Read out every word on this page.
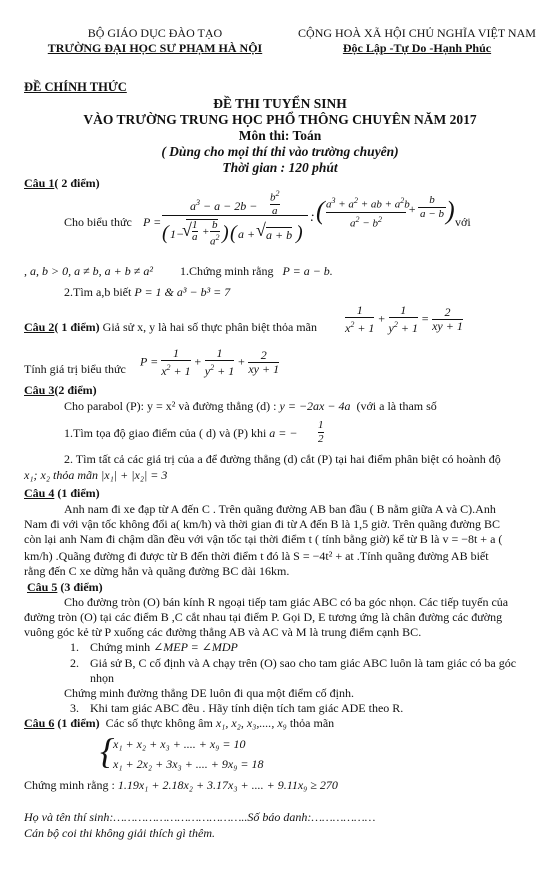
BỘ GIÁO DỤC ĐÀO TẠO
TRƯỜNG ĐẠI HỌC SƯ PHẠM HÀ NỘI
CỘNG HOÀ XÃ HỘI CHỦ NGHĨA VIỆT NAM
Độc Lập -Tự Do -Hạnh Phúc
ĐỀ CHÍNH THỨC
ĐỀ THI TUYỂN SINH
VÀO TRƯỜNG TRUNG HỌC PHỔ THÔNG CHUYÊN NĂM 2017
Môn thi: Toán
( Dùng cho mọi thí thi vào trường chuyên)
Thời gian : 120 phút
Câu 1( 2 điểm)
Cho biểu thức P =
$a^3 - a - 2b$ −
$b^2$
a
( 1−
√ 1
a +
b
$a^2$ ) ( a + √ a + b )
: ( $a^3 + a^2$ + ab + $a^2b$
$a^2 - b^2$
+
b
a − b ) với
, a, b > 0, a ≠ b, a + b ≠ a² 1.Chứng minh rằng P = a − b.
2.Tìm a,b biết P = 1 & a³ − b³ = 7
Câu 2( 1 điểm) Giả sử x, y là hai số thực phân biệt thỏa mãn $\frac{1}{x^2 + 1} + \frac{1}{y^2 + 1} = \frac{2}{xy + 1}$
Tính giá trị biểu thức
$P = \frac{1}{x^2 + 1} + \frac{1}{y^2 + 1} + \frac{2}{xy + 1}$
Câu 3(2 điểm)
Cho parabol (P): y = x² và đường thẳng (d) : y = −2ax − 4a (với a là tham số
1.Tìm tọa độ giao điểm của ( d) và (P) khi a = −
1
2
2. Tìm tất cả các giá trị của a để đường thẳng (d) cắt (P) tại hai điểm phân biệt có hoành độ
x₁; x₂ thỏa mãn |x₁| + |x₂| = 3
Câu 4 (1 điểm)
Anh nam đi xe đạp từ A đến C . Trên quãng đường AB ban đầu ( B nằm giữa A và C).Anh
Nam đi với vận tốc không đổi a( km/h) và thời gian đi từ A đến B là 1,5 giờ. Trên quãng đường BC
còn lại anh Nam đi chậm dần đều với vận tốc tại thời điểm t ( tính bằng giờ) kể từ B là v = −8t + a (
km/h) .Quãng đường đi được từ B đến thời điểm t đó là S = −4t² + at .Tính quãng đường AB biết
rằng đến C xe dừng hẳn và quãng đường BC dài 16km.
Câu 5 (3 điểm)
Cho đường tròn (O) bán kính R ngoại tiếp tam giác ABC có ba góc nhọn. Các tiếp tuyến của
đường tròn (O) tại các điểm B ,C cắt nhau tại điểm P. Gọi D, E tương ứng là chân đường các đường
vuông góc kẻ từ P xuống các đường thẳng AB và AC và M là trung điểm cạnh BC.
1. Chứng minh ∠MEP = ∠MDP
2. Giả sử B, C cố định và A chạy trên (O) sao cho tam giác ABC luôn là tam giác có ba góc
nhọn
Chứng minh đường thẳng DE luôn đi qua một điểm cố định.
3. Khi tam giác ABC đều . Hãy tính diện tích tam giác ADE theo R.
Câu 6 (1 điểm) Các số thực không âm x₁, x₂, x₃,...., x₉ thỏa mãn
{
x₁ + x₂ + x₃ + .... + x₉ = 10
x₁ + 2x₂ + 3x₃ + .... + 9x₉ = 18
Chứng minh rằng : 1.19x₁ + 2.18x₂ + 3.17x₃ + .... + 9.11x₉ ≥ 270
Họ và tên thí sinh:………………………………..Số báo danh:………………
Cán bộ coi thi không giải thích gì thêm.
